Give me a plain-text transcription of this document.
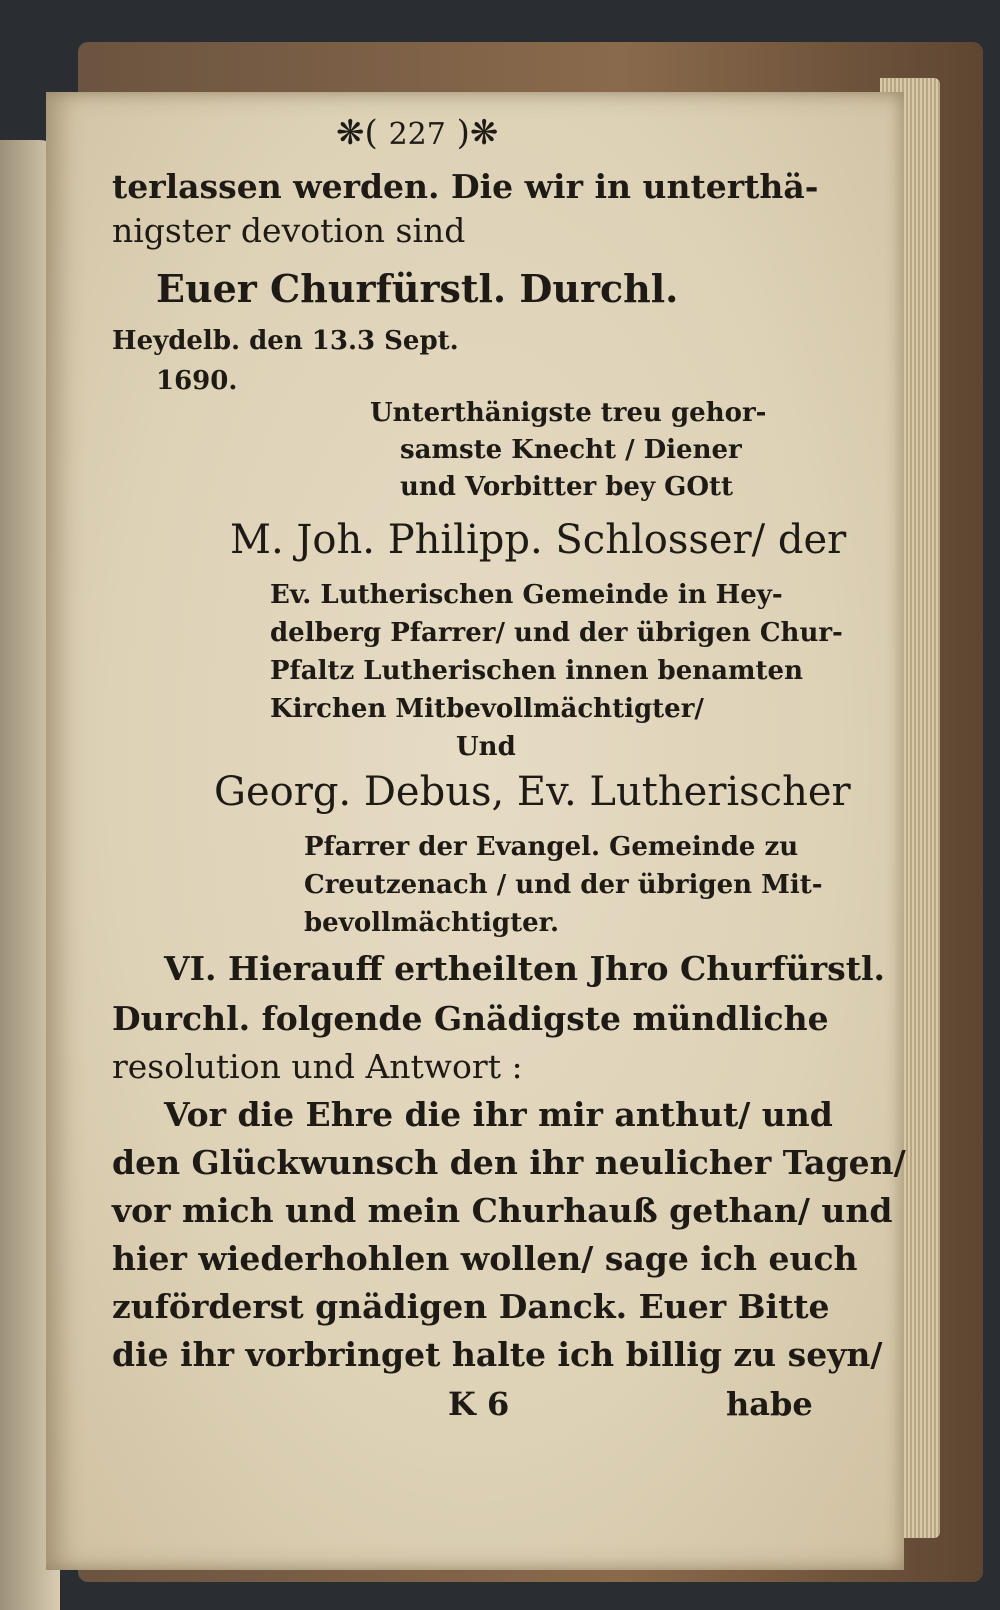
❋( 227 )❋
terlassen werden. Die wir in unterthä-
nigster devotion sind
Euer Churfürstl. Durchl.
Heydelb. den 13.3 Sept.
1690.
Unterthänigste treu gehor-
samste Knecht / Diener
und Vorbitter bey GOtt
M. Joh. Philipp. Schlosser/ der
Ev. Lutherischen Gemeinde in Hey-
delberg Pfarrer/ und der übrigen Chur-
Pfaltz Lutherischen innen benamten
Kirchen Mitbevollmächtigter/
Und
Georg. Debus, Ev. Lutherischer
Pfarrer der Evangel. Gemeinde zu
Creutzenach / und der übrigen Mit-
bevollmächtigter.
VI. Hierauff ertheilten Jhro Churfürstl.
Durchl. folgende Gnädigste mündliche
resolution und Antwort :
Vor die Ehre die ihr mir anthut/ und
den Glückwunsch den ihr neulicher Tagen/
vor mich und mein Churhauß gethan/ und
hier wiederhohlen wollen/ sage ich euch
zuförderst gnädigen Danck. Euer Bitte
die ihr vorbringet halte ich billig zu seyn/
K 6	habe
